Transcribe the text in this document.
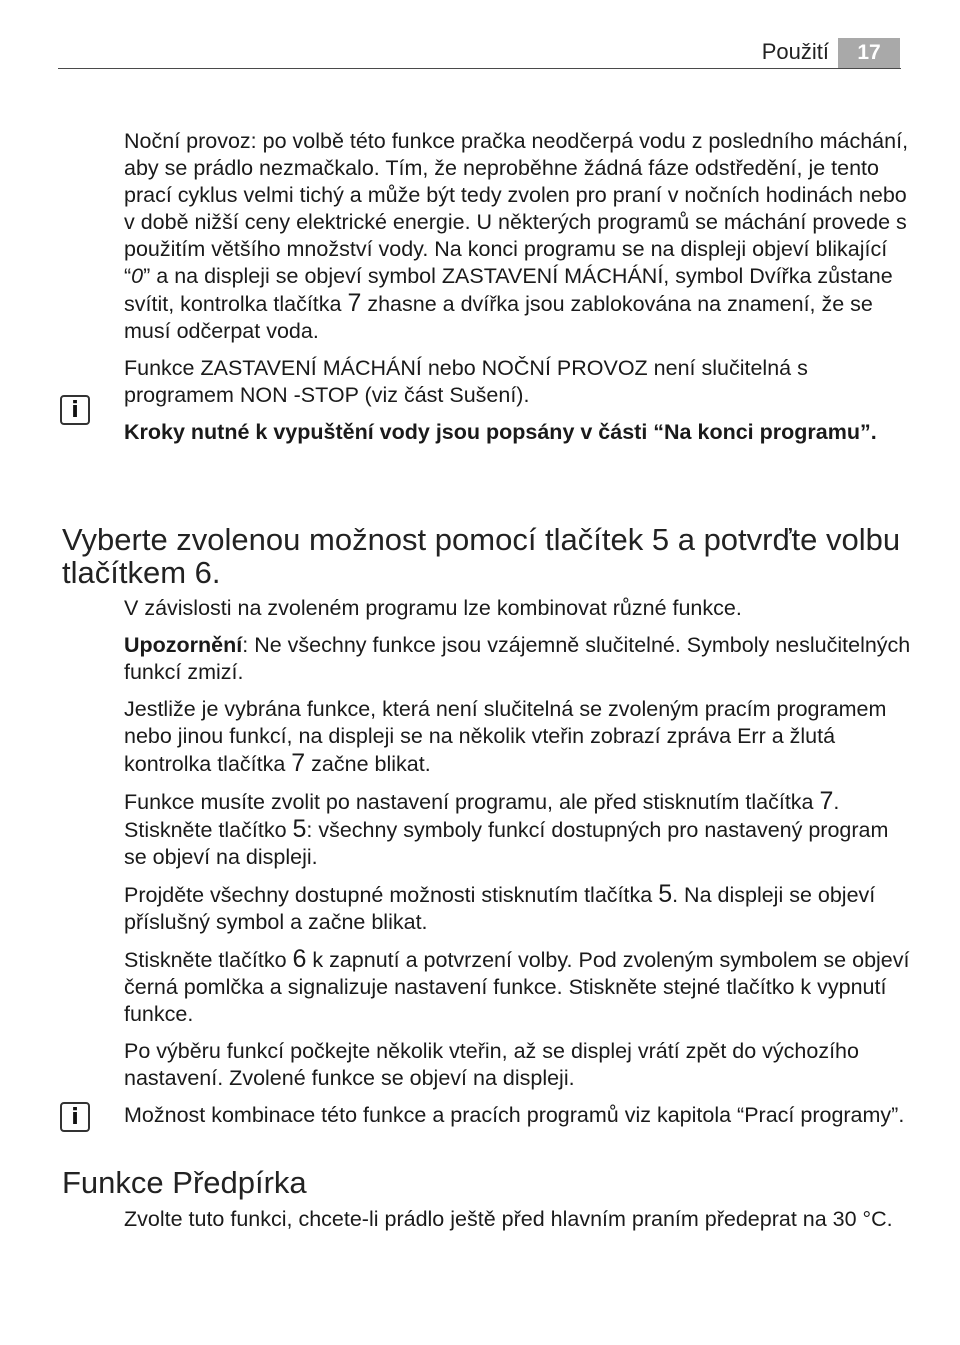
Použití	17

Noční provoz: po volbě této funkce pračka neodčerpá vodu z posledního máchání, aby se prádlo nezmačkalo. Tím, že neproběhne žádná fáze odstředění, je tento prací cyklus velmi tichý a může být tedy zvolen pro praní v nočních hodinách nebo v době nižší ceny elektrické energie. U některých programů se máchání provede s použitím většího množství vody. Na konci programu se na displeji objeví blikající “0” a na displeji se objeví symbol ZASTAVENÍ MÁCHÁNÍ, symbol Dvířka zůstane svítit, kontrolka tlačítka 7 zhasne a dvířka jsou zablokována na znamení, že se musí odčerpat voda.

Funkce ZASTAVENÍ MÁCHÁNÍ nebo NOČNÍ PROVOZ není slučitelná s programem NON -STOP (viz část Sušení).

Kroky nutné k vypuštění vody jsou popsány v části “Na konci programu”.

i
Vyberte zvolenou možnost pomocí tlačítek 5 a potvrďte volbu tlačítkem 6.

V závislosti na zvoleném programu lze kombinovat různé funkce.

Upozornění: Ne všechny funkce jsou vzájemně slučitelné. Symboly neslučitelných funkcí zmizí.

Jestliže je vybrána funkce, která není slučitelná se zvoleným pracím programem nebo jinou funkcí, na displeji se na několik vteřin zobrazí zpráva Err a žlutá kontrolka tlačítka 7 začne blikat.

Funkce musíte zvolit po nastavení programu, ale před stisknutím tlačítka 7. Stiskněte tlačítko 5: všechny symboly funkcí dostupných pro nastavený program se objeví na displeji.

Projděte všechny dostupné možnosti stisknutím tlačítka 5. Na displeji se objeví příslušný symbol a začne blikat.

Stiskněte tlačítko 6 k zapnutí a potvrzení volby. Pod zvoleným symbolem se objeví černá pomlčka a signalizuje nastavení funkce. Stiskněte stejné tlačítko k vypnutí funkce.

Po výběru funkcí počkejte několik vteřin, až se displej vrátí zpět do výchozího nastavení. Zvolené funkce se objeví na displeji.

Možnost kombinace této funkce a pracích programů viz kapitola “Prací programy”.

i
Funkce Předpírka

Zvolte tuto funkci, chcete-li prádlo ještě před hlavním praním předeprat na 30 °C.
